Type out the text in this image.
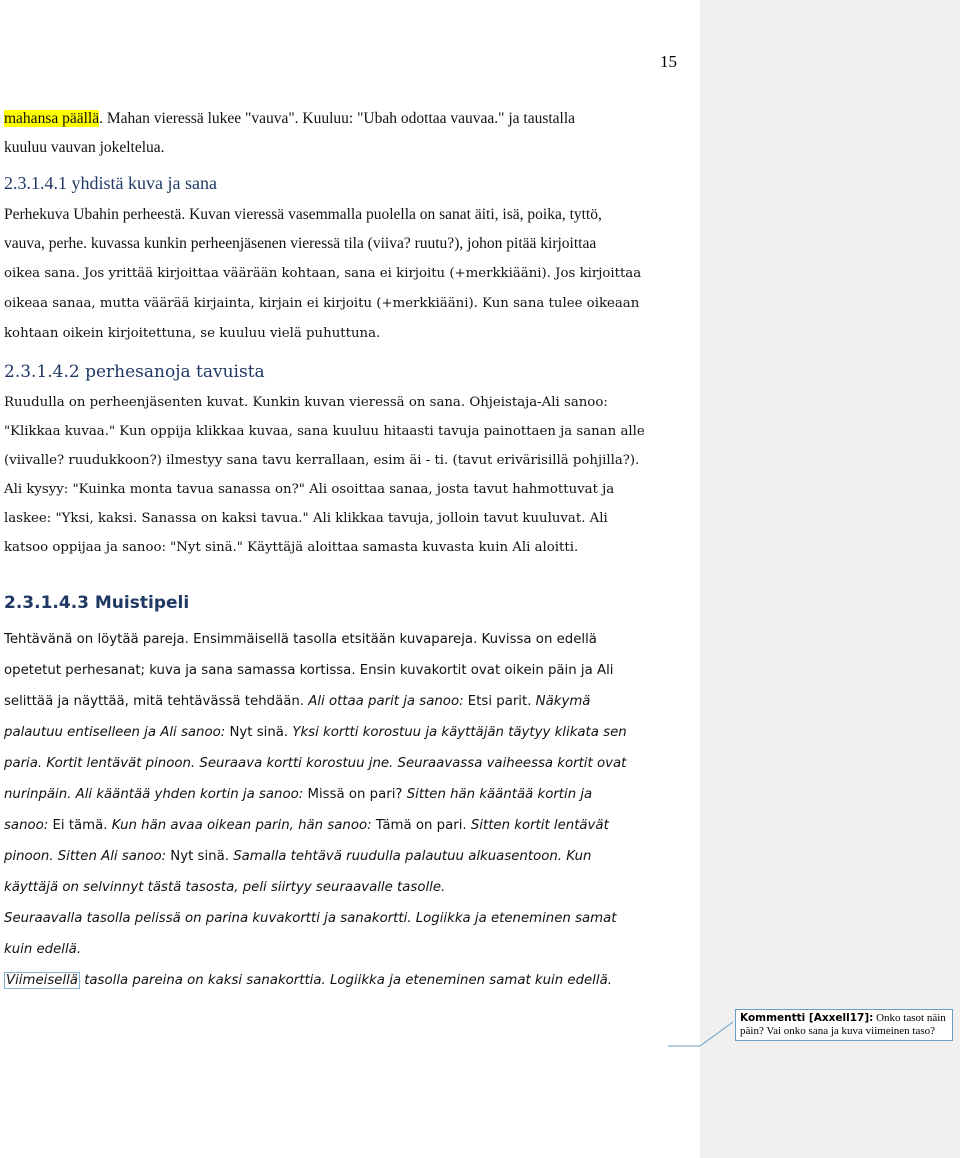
15

mahansa päällä. Mahan vieressä lukee "vauva". Kuuluu: "Ubah odottaa vauvaa." ja taustalla
kuuluu vauvan jokeltelua.

2.3.1.4.1 yhdistä kuva ja sana

Perhekuva Ubahin perheestä. Kuvan vieressä vasemmalla puolella on sanat äiti, isä, poika, tyttö,
vauva, perhe. kuvassa kunkin perheenjäsenen vieressä tila (viiva? ruutu?), johon pitää kirjoittaa
oikea sana. Jos yrittää kirjoittaa väärään kohtaan, sana ei kirjoitu (+merkkiääni). Jos kirjoittaa
oikeaa sanaa, mutta väärää kirjainta, kirjain ei kirjoitu (+merkkiääni). Kun sana tulee oikeaan
kohtaan oikein kirjoitettuna, se kuuluu vielä puhuttuna.

2.3.1.4.2 perhesanoja tavuista

Ruudulla on perheenjäsenten kuvat. Kunkin kuvan vieressä on sana. Ohjeistaja-Ali sanoo:
"Klikkaa kuvaa." Kun oppija klikkaa kuvaa, sana kuuluu hitaasti tavuja painottaen ja sanan alle
(viivalle? ruudukkoon?) ilmestyy sana tavu kerrallaan, esim äi - ti. (tavut erivärisillä pohjilla?).
Ali kysyy: "Kuinka monta tavua sanassa on?" Ali osoittaa sanaa, josta tavut hahmottuvat ja
laskee: "Yksi, kaksi. Sanassa on kaksi tavua." Ali klikkaa tavuja, jolloin tavut kuuluvat. Ali
katsoo oppijaa ja sanoo: "Nyt sinä." Käyttäjä aloittaa samasta kuvasta kuin Ali aloitti.

2.3.1.4.3 Muistipeli

Tehtävänä on löytää pareja. Ensimmäisellä tasolla etsitään kuvapareja. Kuvissa on edellä
opetetut perhesanat; kuva ja sana samassa kortissa. Ensin kuvakortit ovat oikein päin ja Ali
selittää ja näyttää, mitä tehtävässä tehdään. Ali ottaa parit ja sanoo: Etsi parit. Näkymä
palautuu entiselleen ja Ali sanoo: Nyt sinä. Yksi kortti korostuu ja käyttäjän täytyy klikata sen
paria. Kortit lentävät pinoon. Seuraava kortti korostuu jne. Seuraavassa vaiheessa kortit ovat
nurinpäin. Ali kääntää yhden kortin ja sanoo: Missä on pari? Sitten hän kääntää kortin ja
sanoo: Ei tämä. Kun hän avaa oikean parin, hän sanoo: Tämä on pari. Sitten kortit lentävät
pinoon. Sitten Ali sanoo: Nyt sinä. Samalla tehtävä ruudulla palautuu alkuasentoon. Kun
käyttäjä on selvinnyt tästä tasosta, peli siirtyy seuraavalle tasolle.

Seuraavalla tasolla pelissä on parina kuvakortti ja sanakortti. Logiikka ja eteneminen samat
kuin edellä.

Viimeisellä tasolla pareina on kaksi sanakorttia. Logiikka ja eteneminen samat kuin edellä.

Kommentti [Axxell17]: Onko tasot näin päin? Vai onko sana ja kuva viimeinen taso?
